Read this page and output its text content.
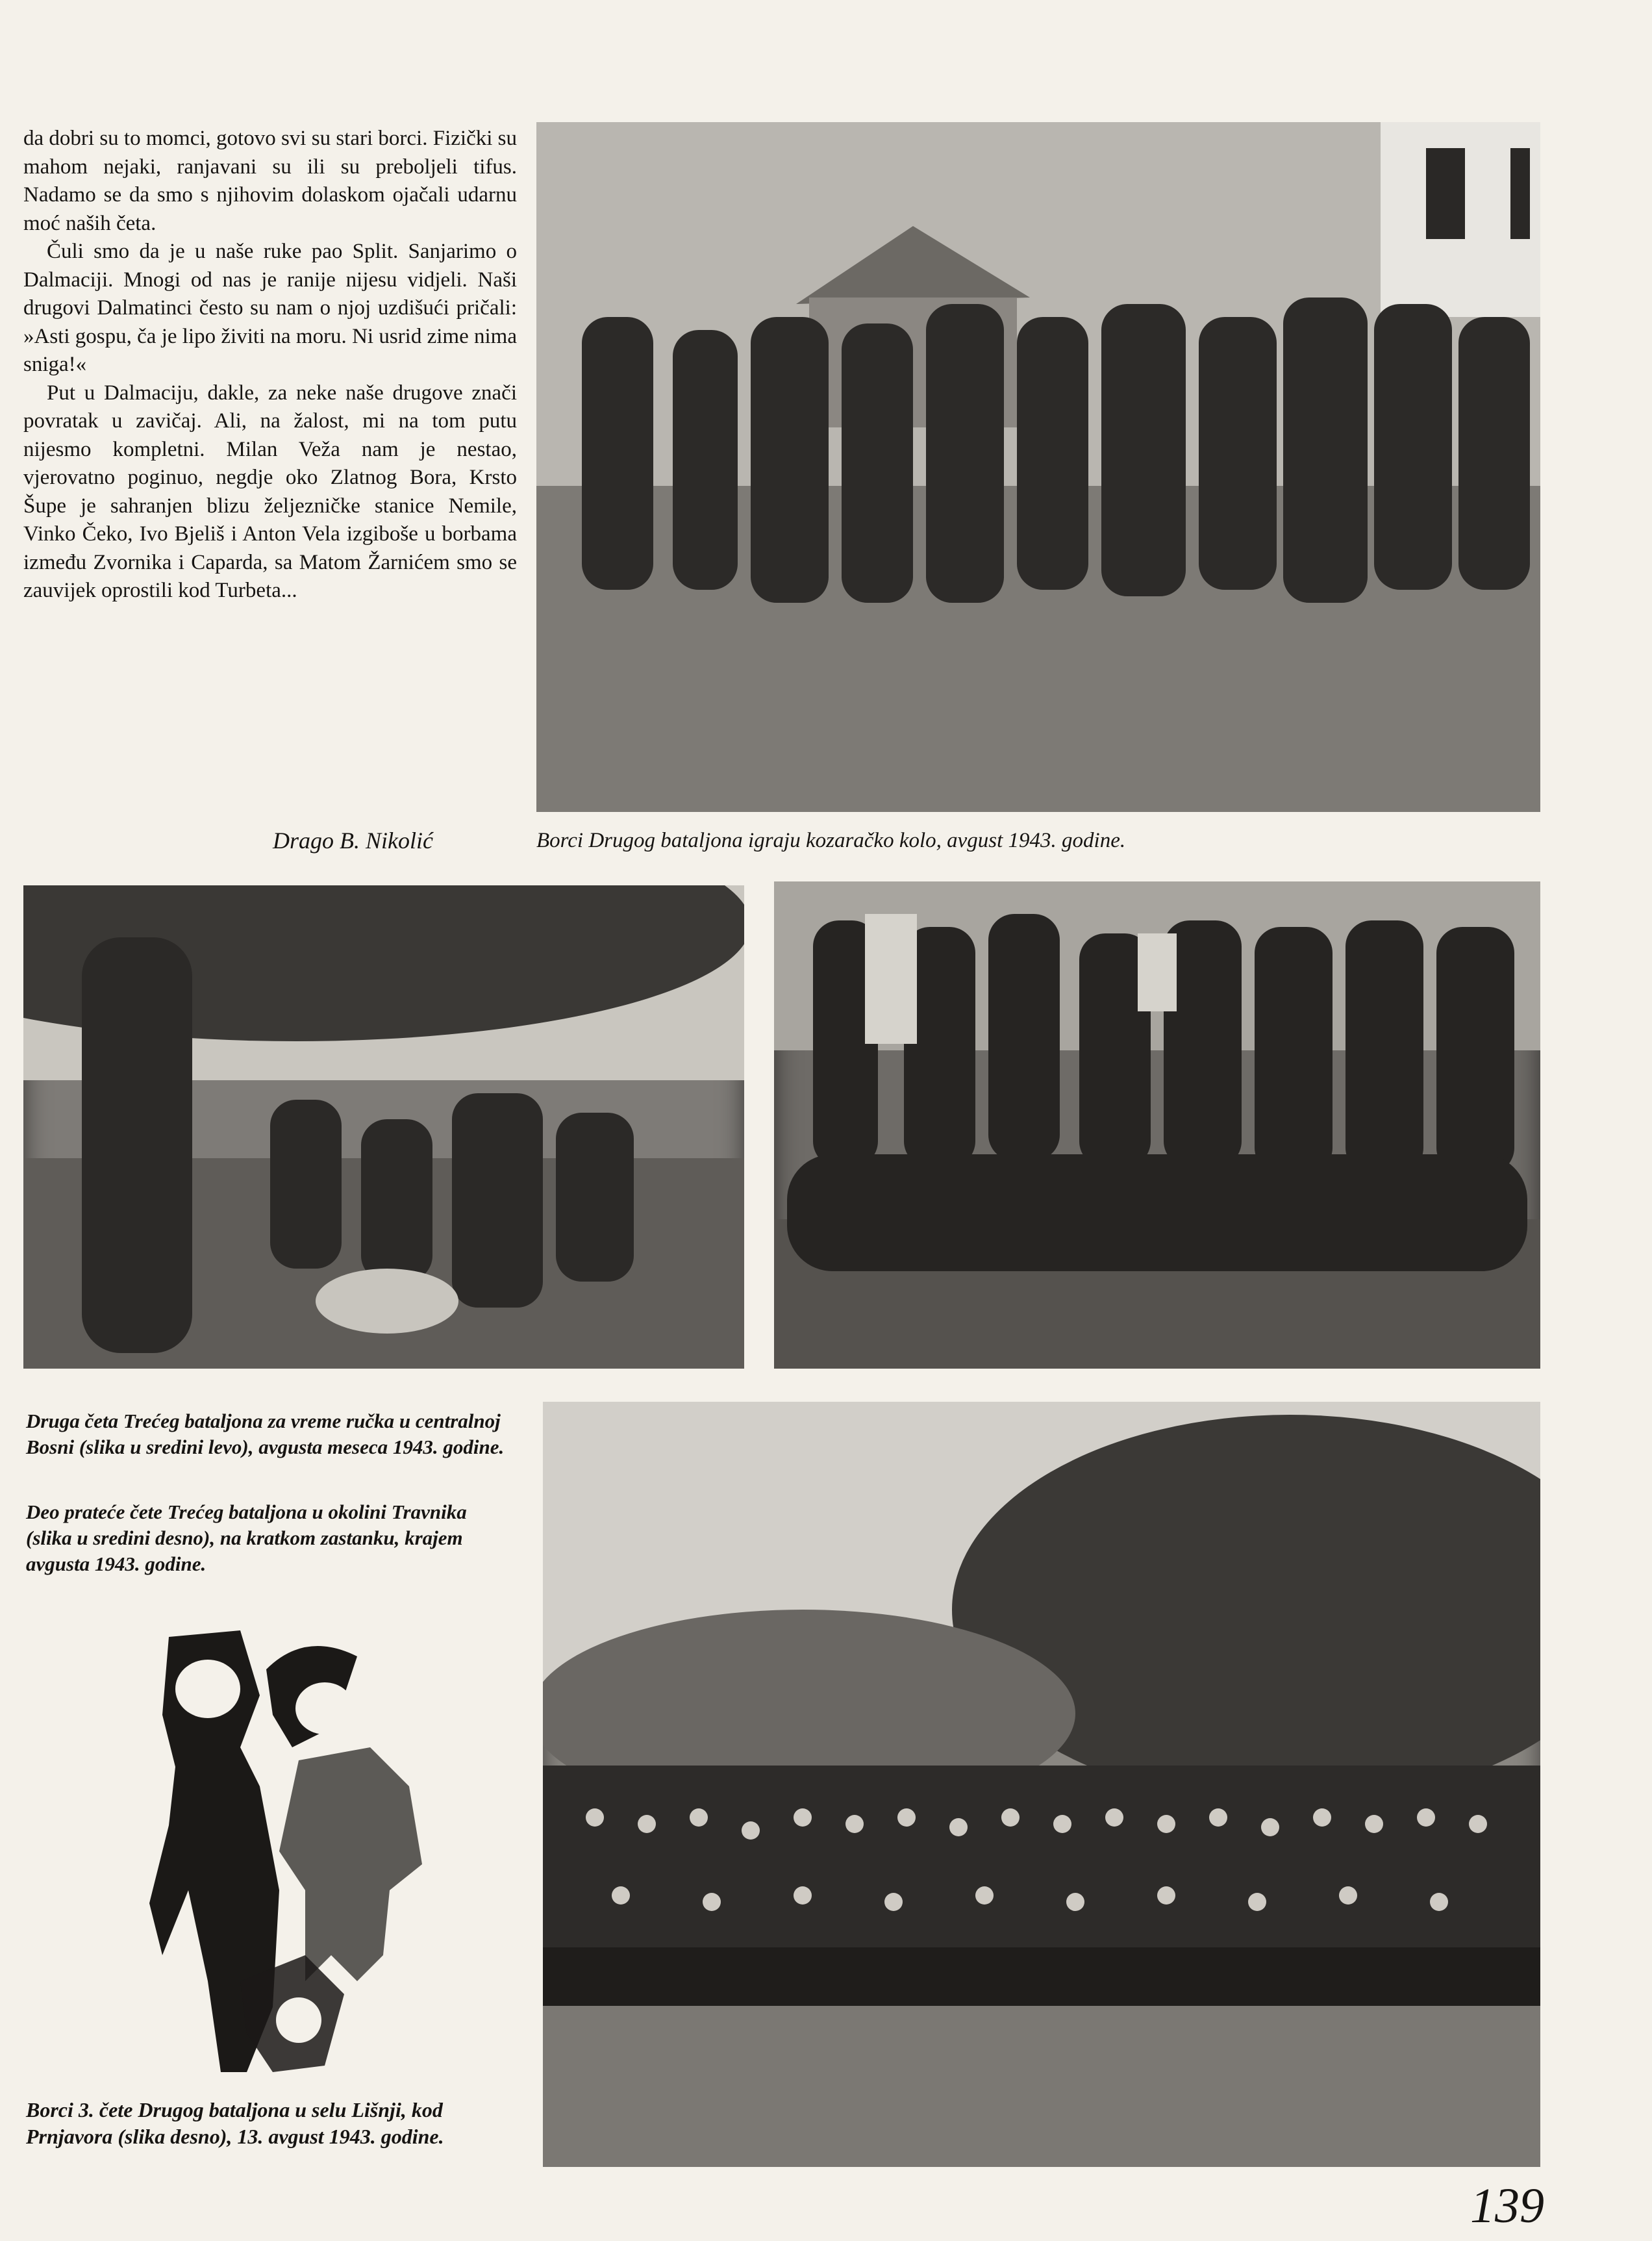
da dobri su to momci, gotovo svi su stari borci. Fizički su mahom nejaki, ranjavani su ili su preboljeli tifus. Nadamo se da smo s njihovim dolaskom ojačali udarnu moć naših četa.

Čuli smo da je u naše ruke pao Split. Sanjarimo o Dalmaciji. Mnogi od nas je ranije nijesu vidjeli. Naši drugovi Dalmatinci često su nam o njoj uzdišući pričali: »Asti gospu, ča je lipo živiti na moru. Ni usrid zime nima sniga!«

Put u Dalmaciju, dakle, za neke naše drugove znači povratak u zavičaj. Ali, na žalost, mi na tom putu nijesmo kompletni. Milan Veža nam je nestao, vjerovatno poginuo, negdje oko Zlatnog Bora, Krsto Šupe je sahranjen blizu željezničke stanice Nemile, Vinko Čeko, Ivo Bjeliš i Anton Vela izgiboše u borbama između Zvornika i Caparda, sa Matom Žarnićem smo se zauvijek oprostili kod Turbeta...

Drago B. Nikolić	Borci Drugog bataljona igraju kozaračko kolo, avgust 1943. godine.
Druga četa Trećeg bataljona za vreme ručka u centralnoj Bosni (slika u sredini levo), avgusta meseca 1943. godine.
Deo prateće čete Trećeg bataljona u okolini Travnika (slika u sredini desno), na kratkom zastanku, krajem avgusta 1943. godine.
Borci 3. čete Drugog bataljona u selu Lišnji, kod Prnjavora (slika desno), 13. avgust 1943. godine.
139
